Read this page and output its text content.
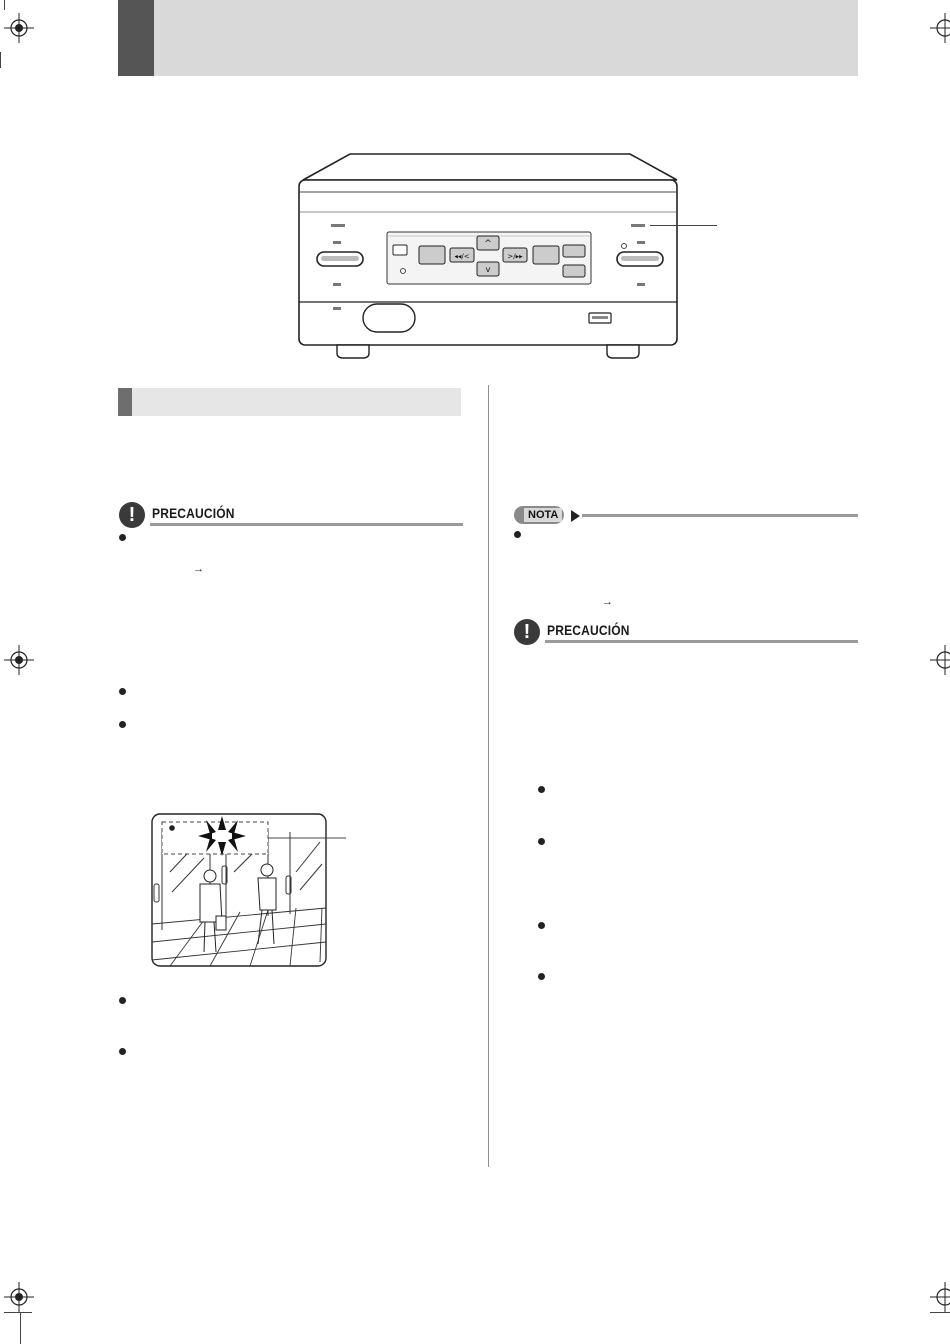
◂◂/<
^
v
>/▸▸
!	PRECAUCIÓN
→
NOTA
→
!	PRECAUCIÓN
